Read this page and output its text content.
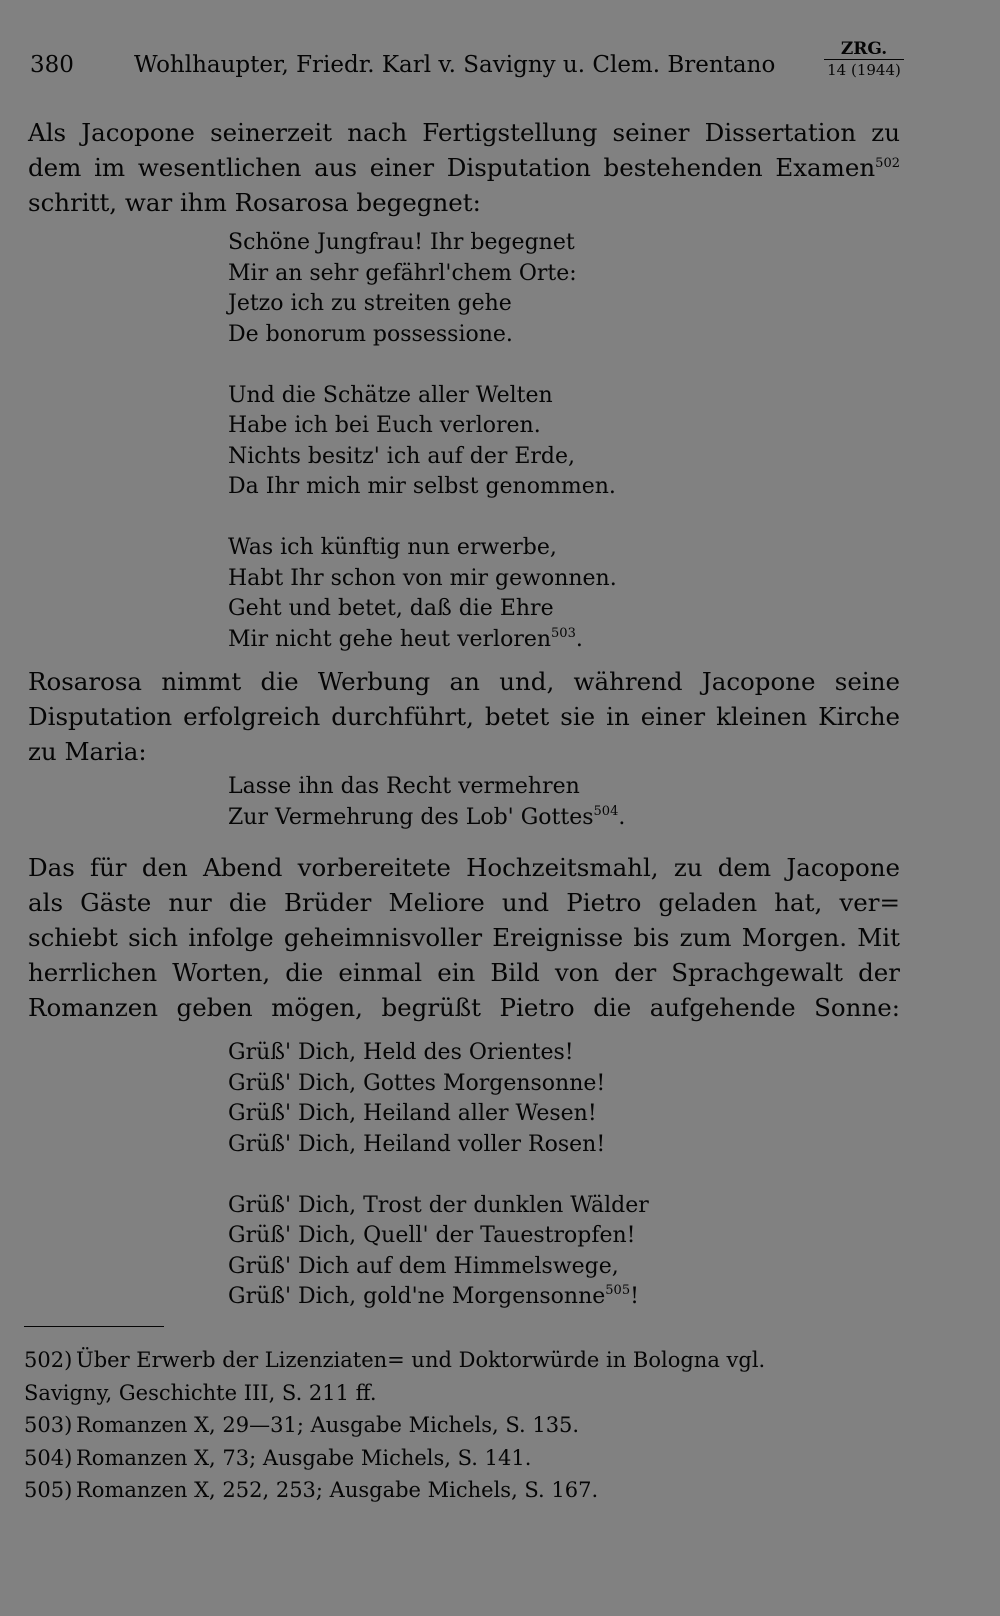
380	Wohlhaupter, Friedr. Karl v. Savigny u. Clem. Brentano
ZRG.
14 (1944)
Als Jacopone seinerzeit nach Fertigstellung seiner Dissertation zu
dem im wesentlichen aus einer Disputation bestehenden Examen$^{502}$
schritt, war ihm Rosarosa begegnet:
Schöne Jungfrau! Ihr begegnet
Mir an sehr gefährl'chem Orte:
Jetzo ich zu streiten gehe
De bonorum possessione.
Und die Schätze aller Welten
Habe ich bei Euch verloren.
Nichts besitz' ich auf der Erde,
Da Ihr mich mir selbst genommen.
Was ich künftig nun erwerbe,
Habt Ihr schon von mir gewonnen.
Geht und betet, daß die Ehre
Mir nicht gehe heut verloren$^{503}$.
Rosarosa nimmt die Werbung an und, während Jacopone seine
Disputation erfolgreich durchführt, betet sie in einer kleinen Kirche
zu Maria:
Lasse ihn das Recht vermehren
Zur Vermehrung des Lob' Gottes$^{504}$.
Das für den Abend vorbereitete Hochzeitsmahl, zu dem Jacopone
als Gäste nur die Brüder Meliore und Pietro geladen hat, ver=
schiebt sich infolge geheimnisvoller Ereignisse bis zum Morgen. Mit
herrlichen Worten, die einmal ein Bild von der Sprachgewalt der
Romanzen geben mögen, begrüßt Pietro die aufgehende Sonne:
Grüß' Dich, Held des Orientes!
Grüß' Dich, Gottes Morgensonne!
Grüß' Dich, Heiland aller Wesen!
Grüß' Dich, Heiland voller Rosen!
Grüß' Dich, Trost der dunklen Wälder
Grüß' Dich, Quell' der Tauestropfen!
Grüß' Dich auf dem Himmelswege,
Grüß' Dich, gold'ne Morgensonne$^{505}$!
502) Über Erwerb der Lizenziaten= und Doktorwürde in Bologna vgl.
Savigny, Geschichte III, S. 211 ff.
503) Romanzen X, 29—31; Ausgabe Michels, S. 135.
504) Romanzen X, 73; Ausgabe Michels, S. 141.
505) Romanzen X, 252, 253; Ausgabe Michels, S. 167.
